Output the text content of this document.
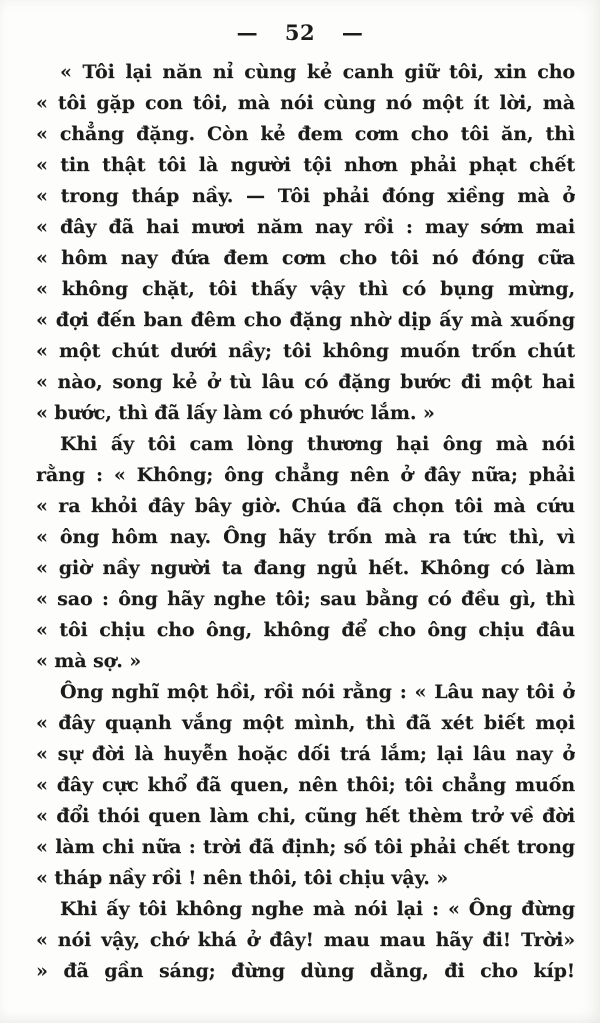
— 52 —
« Tôi lại năn nỉ cùng kẻ canh giữ tôi, xin cho
« tôi gặp con tôi, mà nói cùng nó một ít lời, mà
« chẳng đặng. Còn kẻ đem cơm cho tôi ăn, thì
« tin thật tôi là người tội nhơn phải phạt chết
« trong tháp nầy. — Tôi phải đóng xiềng mà ở
« đây đã hai mươi năm nay rồi : may sớm mai
« hôm nay đứa đem cơm cho tôi nó đóng cữa
« không chặt, tôi thấy vậy thì có bụng mừng,
« đợi đến ban đêm cho đặng nhờ dịp ấy mà xuống
« một chút dưới nầy; tôi không muốn trốn chút
« nào, song kẻ ở tù lâu có đặng bước đi một hai
« bước, thì đã lấy làm có phước lắm. »
Khi ấy tôi cam lòng thương hại ông mà nói
rằng : « Không; ông chẳng nên ở đây nữa; phải
« ra khỏi đây bây giờ. Chúa đã chọn tôi mà cứu
« ông hôm nay. Ông hãy trốn mà ra tức thì, vì
« giờ nầy người ta đang ngủ hết. Không có làm
« sao : ông hãy nghe tôi; sau bằng có đều gì, thì
« tôi chịu cho ông, không để cho ông chịu đâu
« mà sợ. »
Ông nghĩ một hồi, rồi nói rằng : « Lâu nay tôi ở
« đây quạnh vắng một mình, thì đã xét biết mọi
« sự đời là huyễn hoặc dối trá lắm; lại lâu nay ở
« đây cực khổ đã quen, nên thôi; tôi chẳng muốn
« đổi thói quen làm chi, cũng hết thèm trở về đời
« làm chi nữa : trời đã định; số tôi phải chết trong
« tháp nầy rồi ! nên thôi, tôi chịu vậy. »
Khi ấy tôi không nghe mà nói lại : « Ông đừng
« nói vậy, chớ khá ở đây! mau mau hãy đi! Trời»
» đã gần sáng; đừng dùng dằng, đi cho kíp!
